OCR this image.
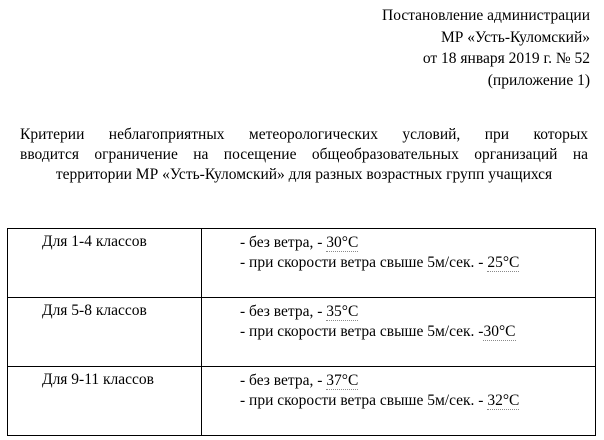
Постановление администрации
МР «Усть-Куломский»
от 18 января 2019 г. № 52
(приложение 1)
Критерии неблагоприятных метеорологических условий, при которых
вводится ограничение на посещение общеобразовательных организаций на
территории МР «Усть-Куломский» для разных возрастных групп учащихся
Для 1-4 классов	- без ветра, - 30°С
- при скорости ветра свыше 5м/сек. - 25°С

Для 5-8 классов	- без ветра, - 35°С
- при скорости ветра свыше 5м/сек. -30°С

Для 9-11 классов	- без ветра, - 37°С
- при скорости ветра свыше 5м/сек. - 32°С
